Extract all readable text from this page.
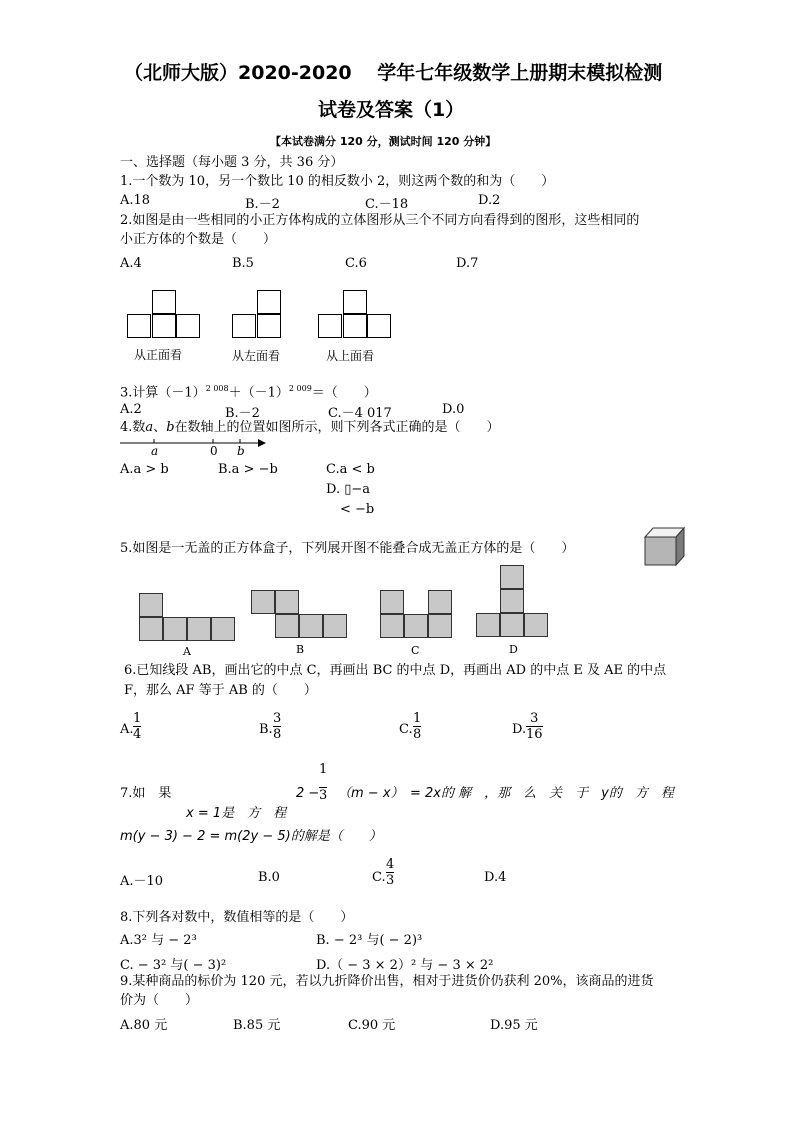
（北师大版）2020-2020　 学年七年级数学上册期末模拟检测
试卷及答案（1）
【本试卷满分 120 分，测试时间 120 分钟】
一、选择题（每小题 3 分，共 36 分）
1.一个数为 10，另一个数比 10 的相反数小 2，则这两个数的和为（　　）
A.18	B.－2	C.－18	D.2
2.如图是由一些相同的小正方体构成的立体图形从三个不同方向看得到的图形，这些相同的
小正方体的个数是（　　）
A.4	B.5	C.6	D.7
从正面看	从左面看	从上面看
3.计算$(-1)^{2 008}+(-1)^{2 009}=$（　　）
A.2	B.－2	C.－4 017	D.0
4.数a、b在数轴上的位置如图所示，则下列各式正确的是（　　）
a	0 b
A.a > b	B.a > −b	C.a < b
D. ▯−a
< −b
5.如图是一无盖的正方体盒子，下列展开图不能叠合成无盖正方体的是（　　）
A	B	C	D
6.已知线段 AB，画出它的中点 C，再画出 BC 的中点 D，再画出 AD 的中点 E 及 AE 的中点
F，那么 AF 等于 AB 的（　　）
A.
1
4	B.
3
8	C.
1
8	D.
3
16
7.如　果
x = 1是　方　程
2 −
1
3 （m − x）　= 2x的 解　，那　么　关　于　y的　方　程
m(y − 3) − 2 = m(2y − 5)的解是（　　）
A.－10	B.0	C.
4
3	D.4
8.下列各对数中，数值相等的是（　　）
A.3² 与 − 2³	B. − 2³ 与( − 2)³
C. − 3² 与( − 3)²	D.（ − 3 × 2）² 与 − 3 × 2²
9.某种商品的标价为 120 元，若以九折降价出售，相对于进货价仍获利 20%，该商品的进货
价为（　　）
A.80 元	B.85 元	C.90 元	D.95 元
